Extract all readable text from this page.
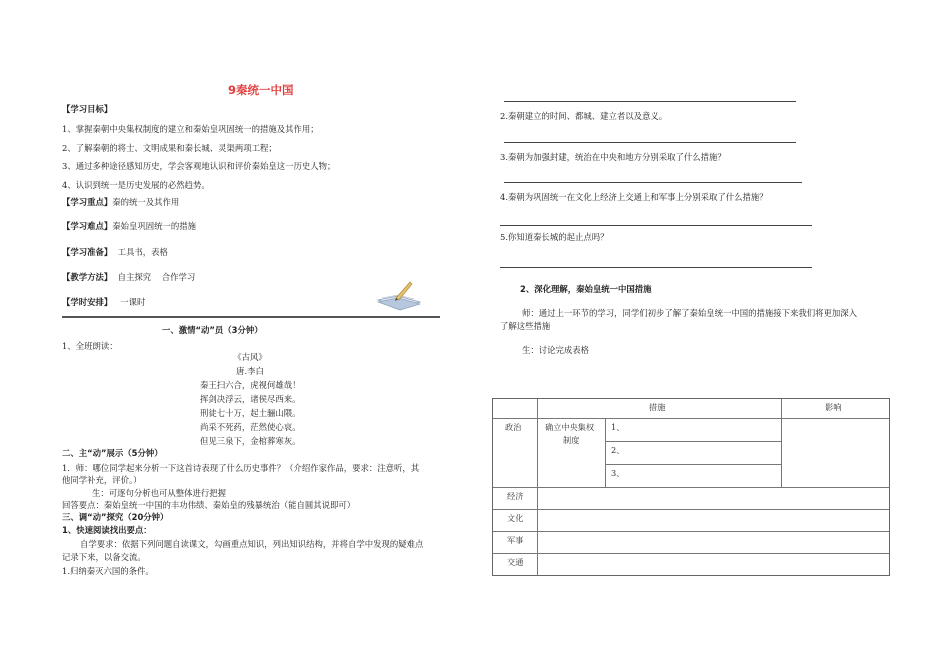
9秦统一中国
【学习目标】
1、掌握秦朝中央集权制度的建立和秦始皇巩固统一的措施及其作用；
2、了解秦朝的将士、文明成果和秦长城、灵渠两项工程；
3、通过多种途径感知历史，学会客观地认识和评价秦始皇这一历史人物；
4、认识到统一是历史发展的必然趋势。
【学习重点】秦的统一及其作用
【学习难点】秦始皇巩固统一的措施
【学习准备】 工具书，表格
【教学方法】 自主探究    合作学习
【学时安排】 一课时
一、激情“动”员（3分钟）
1、全班朗读：
《古风》
唐.李白
秦王扫六合，虎视何雄哉！
挥剑决浮云，诸侯尽西来。
刑徒七十万，起土骊山隈。
尚采不死药，茫然使心哀。
但见三泉下，金棺葬寒灰。
二、主“动”展示（5分钟）
1．师：哪位同学起来分析一下这首诗表现了什么历史事件？（介绍作家作品，要求：注意听，其
他同学补充，评价。）
生：可逐句分析也可从整体进行把握
回答要点：秦始皇统一中国的丰功伟绩、秦始皇的残暴统治（能自圆其说即可）
三、调“动”探究（20分钟）
1、快速阅读找出要点：
自学要求：依据下列问题自读课文，勾画重点知识，列出知识结构，并将自学中发现的疑难点
记录下来，以备交流。
1.归纳秦灭六国的条件。
2.秦朝建立的时间、都城、建立者以及意义。
3.秦朝为加强封建，统治在中央和地方分别采取了什么措施？
4.秦朝为巩固统一在文化上经济上交通上和军事上分别采取了什么措施？
5.你知道秦长城的起止点吗？
2、深化理解，秦始皇统一中国措施
师：通过上一环节的学习，同学们初步了解了秦始皇统一中国的措施接下来我们将更加深入
了解这些措施
生：讨论完成表格
措施	影响
政治	确立中央集权
制度
1、
2、
3、
经济
文化
军事
交通
